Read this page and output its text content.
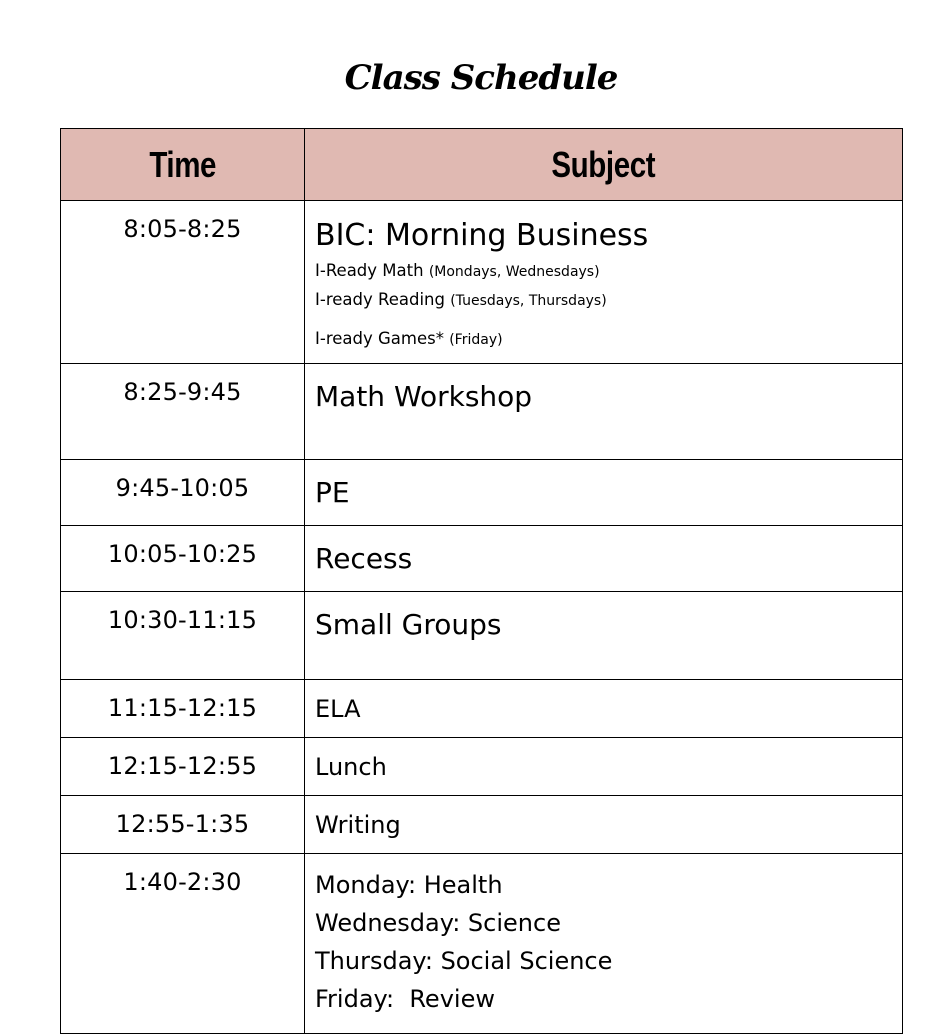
Class Schedule
Time	Subject
8:05-8:25	BIC: Morning Business
I-Ready Math (Mondays, Wednesdays)
I-ready Reading (Tuesdays, Thursdays)
I-ready Games* (Friday)

8:25-9:45	Math Workshop

9:45-10:05	PE

10:05-10:25	Recess

10:30-11:15	Small Groups

11:15-12:15	ELA

12:15-12:55	Lunch

12:55-1:35	Writing

1:40-2:30	Monday: Health
Wednesday: Science
Thursday: Social Science
Friday:  Review
